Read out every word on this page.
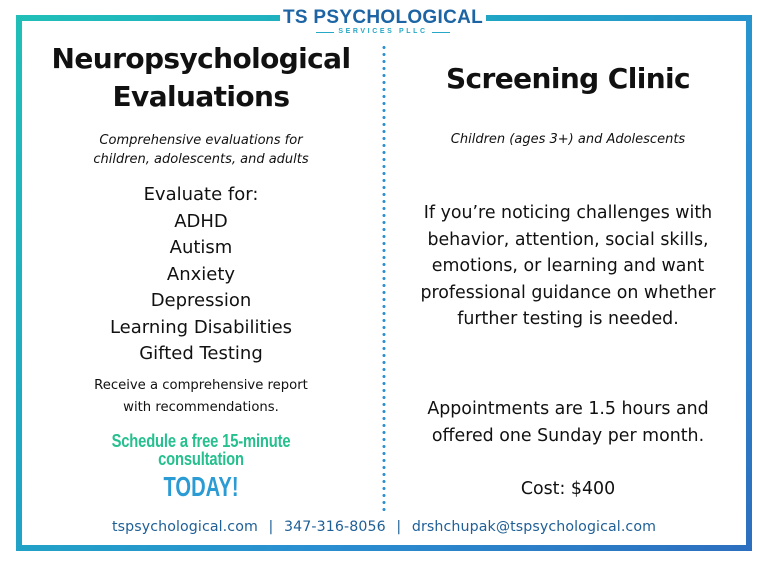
TS PSYCHOLOGICAL
SERVICES PLLC
Neuropsychological
Evaluations

Comprehensive evaluations for

children, adolescents, and adults

Evaluate for:
ADHD
Autism
Anxiety
Depression
Learning Disabilities
Gifted Testing
Receive a comprehensive report
with recommendations.
Schedule a free 15-minute
consultation
TODAY!
Screening Clinic

Children (ages 3+) and Adolescents

If you’re noticing challenges with
behavior, attention, social skills,
emotions, or learning and want
professional guidance on whether
further testing is needed.
Appointments are 1.5 hours and
offered one Sunday per month.
Cost: $400
tspsychological.com | 347-316-8056 | drshchupak@tspsychological.com
